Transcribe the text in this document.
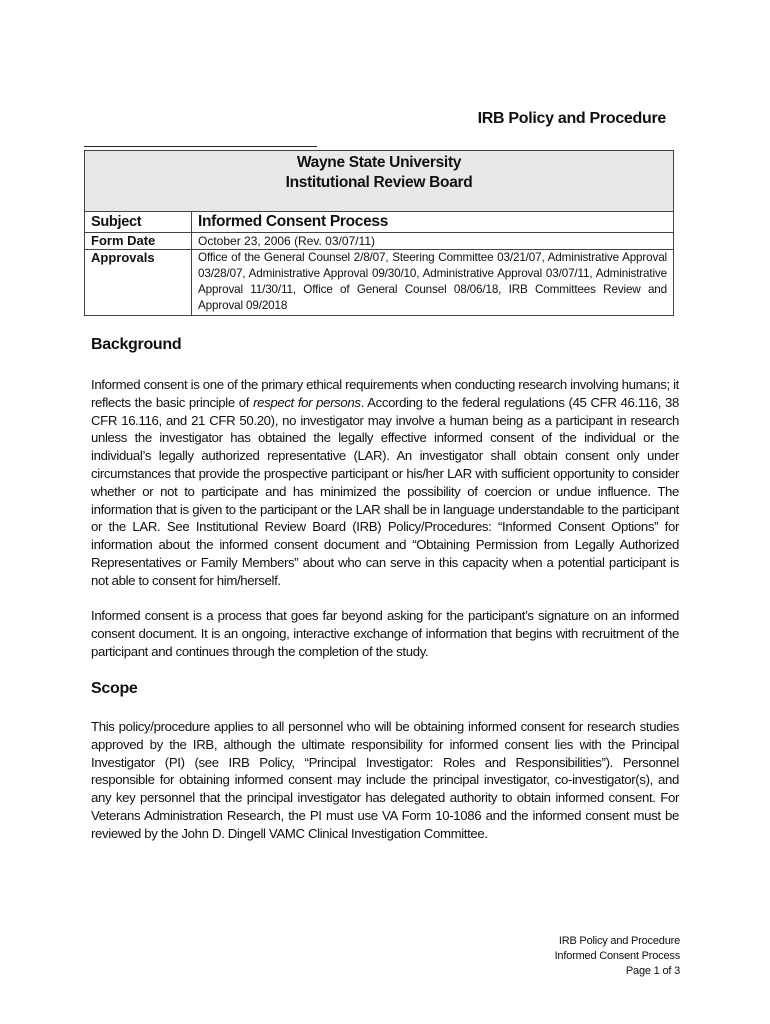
IRB Policy and Procedure
Wayne State University
Institutional Review Board	

Subject	Informed Consent Process
Form Date	October 23, 2006 (Rev. 03/07/11)
Approvals	Office of the General Counsel 2/8/07, Steering Committee 03/21/07, Administrative Approval 03/28/07, Administrative Approval 09/30/10, Administrative Approval 03/07/11, Administrative Approval 11/30/11, Office of General Counsel 08/06/18, IRB Committees Review and Approval 09/2018
Background

Informed consent is one of the primary ethical requirements when conducting research involving humans; it reflects the basic principle of respect for persons. According to the federal regulations (45 CFR 46.116, 38 CFR 16.116, and 21 CFR 50.20), no investigator may involve a human being as a participant in research unless the investigator has obtained the legally effective informed consent of the individual or the individual’s legally authorized representative (LAR). An investigator shall obtain consent only under circumstances that provide the prospective participant or his/her LAR with sufficient opportunity to consider whether or not to participate and has minimized the possibility of coercion or undue influence. The information that is given to the participant or the LAR shall be in language understandable to the participant or the LAR. See Institutional Review Board (IRB) Policy/Procedures: “Informed Consent Options” for information about the informed consent document and “Obtaining Permission from Legally Authorized Representatives or Family Members” about who can serve in this capacity when a potential participant is not able to consent for him/herself.

Informed consent is a process that goes far beyond asking for the participant’s signature on an informed consent document. It is an ongoing, interactive exchange of information that begins with recruitment of the participant and continues through the completion of the study.

Scope

This policy/procedure applies to all personnel who will be obtaining informed consent for research studies approved by the IRB, although the ultimate responsibility for informed consent lies with the Principal Investigator (PI) (see IRB Policy, “Principal Investigator: Roles and Responsibilities”). Personnel responsible for obtaining informed consent may include the principal investigator, co-investigator(s), and any key personnel that the principal investigator has delegated authority to obtain informed consent. For Veterans Administration Research, the PI must use VA Form 10-1086 and the informed consent must be reviewed by the John D. Dingell VAMC Clinical Investigation Committee.

IRB Policy and Procedure
Informed Consent Process
Page 1 of 3
